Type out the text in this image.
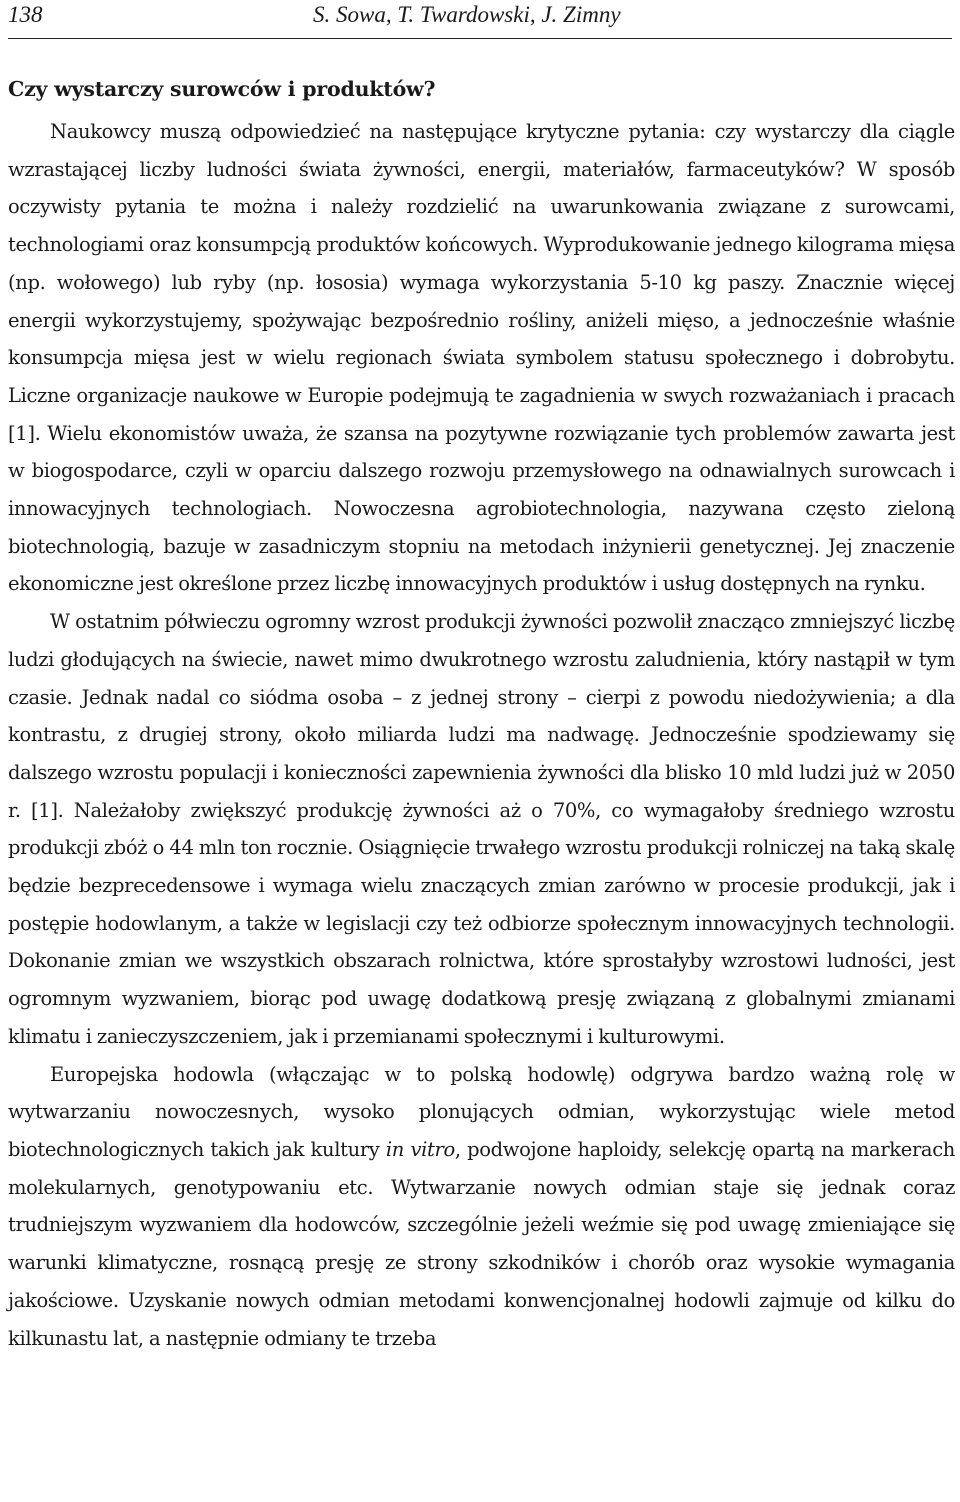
138	S. Sowa, T. Twardowski, J. Zimny
Czy wystarczy surowców i produktów?

Naukowcy muszą odpowiedzieć na następujące krytyczne pytania: czy wystarczy dla ciągle wzrastającej liczby ludności świata żywności, energii, materiałów, farmaceutyków? W sposób oczywisty pytania te można i należy rozdzielić na uwarunkowania związane z surowcami, technologiami oraz konsumpcją produktów końcowych. Wyprodukowanie jednego kilograma mięsa (np. wołowego) lub ryby (np. łososia) wymaga wykorzystania 5-10 kg paszy. Znacznie więcej energii wykorzystujemy, spożywając bezpośrednio rośliny, aniżeli mięso, a jednocześnie właśnie konsumpcja mięsa jest w wielu regionach świata symbolem statusu społecznego i dobrobytu. Liczne organizacje naukowe w Europie podejmują te zagadnienia w swych rozważaniach i pracach [1]. Wielu ekonomistów uważa, że szansa na pozytywne rozwiązanie tych problemów zawarta jest w biogospodarce, czyli w oparciu dalszego rozwoju przemysłowego na odnawialnych surowcach i innowacyjnych technologiach. Nowoczesna agrobiotechnologia, nazywana często zieloną biotechnologią, bazuje w zasadniczym stopniu na metodach inżynierii genetycznej. Jej znaczenie ekonomiczne jest określone przez liczbę innowacyjnych produktów i usług dostępnych na rynku.

W ostatnim półwieczu ogromny wzrost produkcji żywności pozwolił znacząco zmniejszyć liczbę ludzi głodujących na świecie, nawet mimo dwukrotnego wzrostu zaludnienia, który nastąpił w tym czasie. Jednak nadal co siódma osoba – z jednej strony – cierpi z powodu niedożywienia; a dla kontrastu, z drugiej strony, około miliarda ludzi ma nadwagę. Jednocześnie spodziewamy się dalszego wzrostu populacji i konieczności zapewnienia żywności dla blisko 10 mld ludzi już w 2050 r. [1]. Należałoby zwiększyć produkcję żywności aż o 70%, co wymagałoby średniego wzrostu produkcji zbóż o 44 mln ton rocznie. Osiągnięcie trwałego wzrostu produkcji rolniczej na taką skalę będzie bezprecedensowe i wymaga wielu znaczących zmian zarówno w procesie produkcji, jak i postępie hodowlanym, a także w legislacji czy też odbiorze społecznym innowacyjnych technologii. Dokonanie zmian we wszystkich obszarach rolnictwa, które sprostałyby wzrostowi ludności, jest ogromnym wyzwaniem, biorąc pod uwagę dodatkową presję związaną z globalnymi zmianami klimatu i zanieczyszczeniem, jak i przemianami społecznymi i kulturowymi.

Europejska hodowla (włączając w to polską hodowlę) odgrywa bardzo ważną rolę w wytwarzaniu nowoczesnych, wysoko plonujących odmian, wykorzystując wiele metod biotechnologicznych takich jak kultury in vitro, podwojone haploidy, selekcję opartą na markerach molekularnych, genotypowaniu etc. Wytwarzanie nowych odmian staje się jednak coraz trudniejszym wyzwaniem dla hodowców, szczególnie jeżeli weźmie się pod uwagę zmieniające się warunki klimatyczne, rosnącą presję ze strony szkodników i chorób oraz wysokie wymagania jakościowe. Uzyskanie nowych odmian metodami konwencjonalnej hodowli zajmuje od kilku do kilkunastu lat, a następnie odmiany te trzeba
